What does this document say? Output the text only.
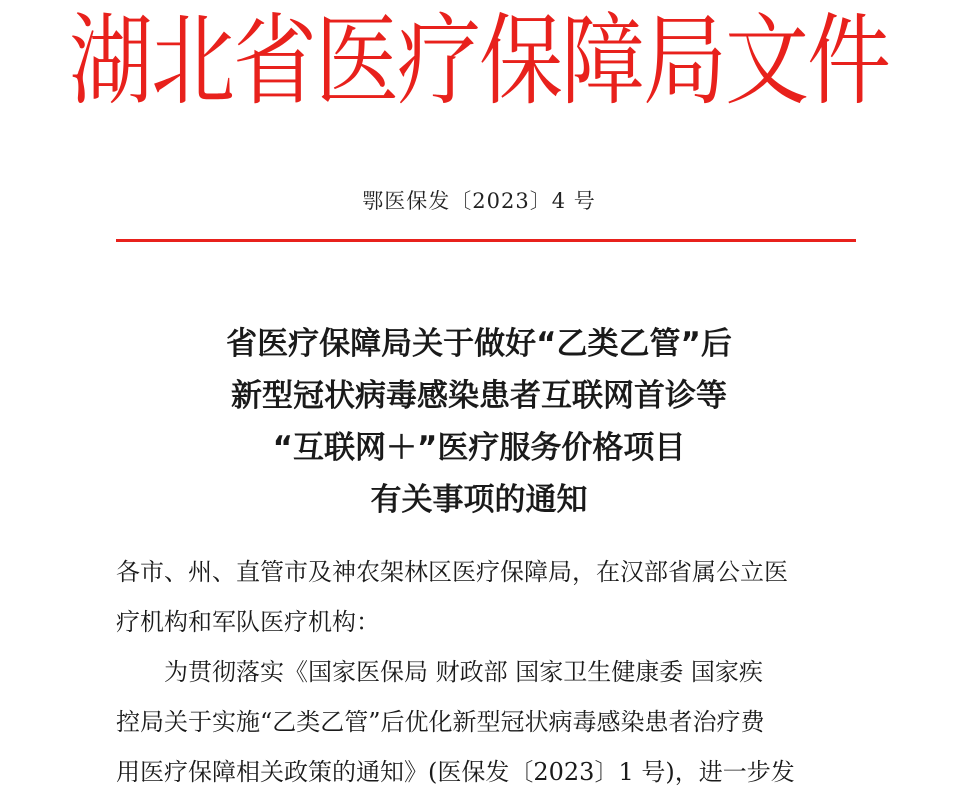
湖北省医疗保障局文件
鄂医保发〔2023〕4 号
省医疗保障局关于做好“乙类乙管”后
新型冠状病毒感染患者互联网首诊等
“互联网＋”医疗服务价格项目
有关事项的通知
各市、州、直管市及神农架林区医疗保障局，在汉部省属公立医
疗机构和军队医疗机构：
为贯彻落实《国家医保局 财政部 国家卫生健康委 国家疾
控局关于实施“乙类乙管”后优化新型冠状病毒感染患者治疗费
用医疗保障相关政策的通知》(医保发〔2023〕1 号)，进一步发
